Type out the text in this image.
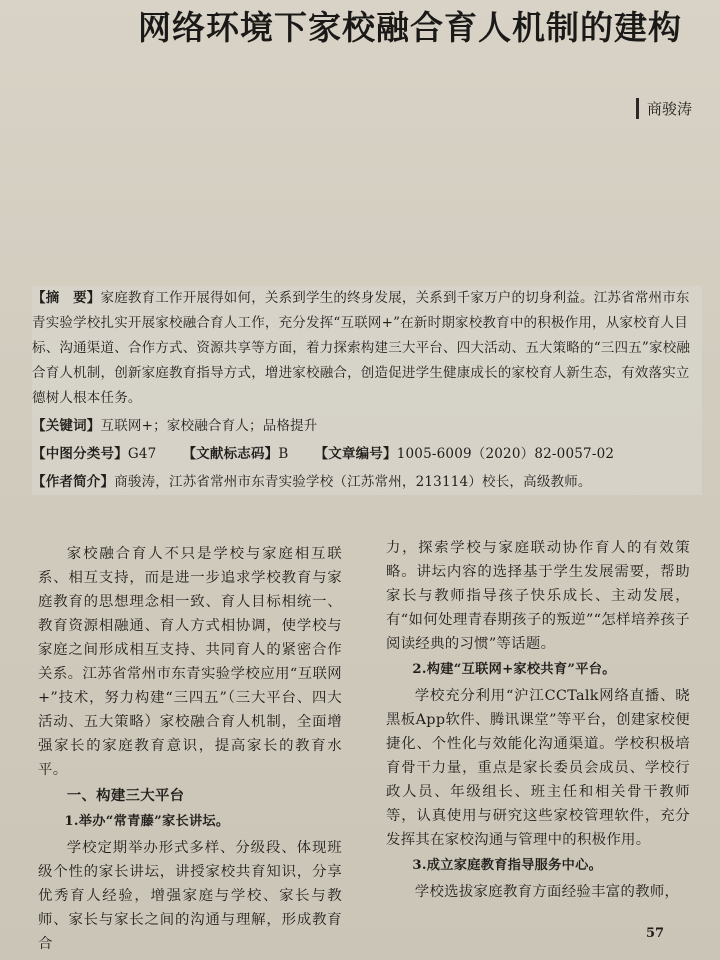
网络环境下家校融合育人机制的建构
商骏涛

【摘　要】家庭教育工作开展得如何，关系到学生的终身发展，关系到千家万户的切身利益。江苏省常州市东青实验学校扎实开展家校融合育人工作，充分发挥“互联网+”在新时期家校教育中的积极作用，从家校育人目标、沟通渠道、合作方式、资源共享等方面，着力探索构建三大平台、四大活动、五大策略的“三四五”家校融合育人机制，创新家庭教育指导方式，增进家校融合，创造促进学生健康成长的家校育人新生态，有效落实立德树人根本任务。

【关键词】互联网+；家校融合育人；品格提升

【中图分类号】G47 【文献标志码】B 【文章编号】1005-6009（2020）82-0057-02

【作者简介】商骏涛，江苏省常州市东青实验学校（江苏常州，213114）校长，高级教师。

家校融合育人不只是学校与家庭相互联系、相互支持，而是进一步追求学校教育与家庭教育的思想理念相一致、育人目标相统一、教育资源相融通、育人方式相协调，使学校与家庭之间形成相互支持、共同育人的紧密合作关系。江苏省常州市东青实验学校应用“互联网+”技术，努力构建“三四五”（三大平台、四大活动、五大策略）家校融合育人机制，全面增强家长的家庭教育意识，提高家长的教育水平。

一、构建三大平台
1.举办“常青藤”家长讲坛。

学校定期举办形式多样、分级段、体现班级个性的家长讲坛，讲授家校共育知识，分享优秀育人经验，增强家庭与学校、家长与教师、家长与家长之间的沟通与理解，形成教育合

力，探索学校与家庭联动协作育人的有效策略。讲坛内容的选择基于学生发展需要，帮助家长与教师指导孩子快乐成长、主动发展，有“如何处理青春期孩子的叛逆”“怎样培养孩子阅读经典的习惯”等话题。

2.构建“互联网+家校共育”平台。

学校充分利用“沪江CCTalk网络直播、晓黑板App软件、腾讯课堂”等平台，创建家校便捷化、个性化与效能化沟通渠道。学校积极培育骨干力量，重点是家长委员会成员、学校行政人员、年级组长、班主任和相关骨干教师等，认真使用与研究这些家校管理软件，充分发挥其在家校沟通与管理中的积极作用。

3.成立家庭教育指导服务中心。

学校选拔家庭教育方面经验丰富的教师，

57
